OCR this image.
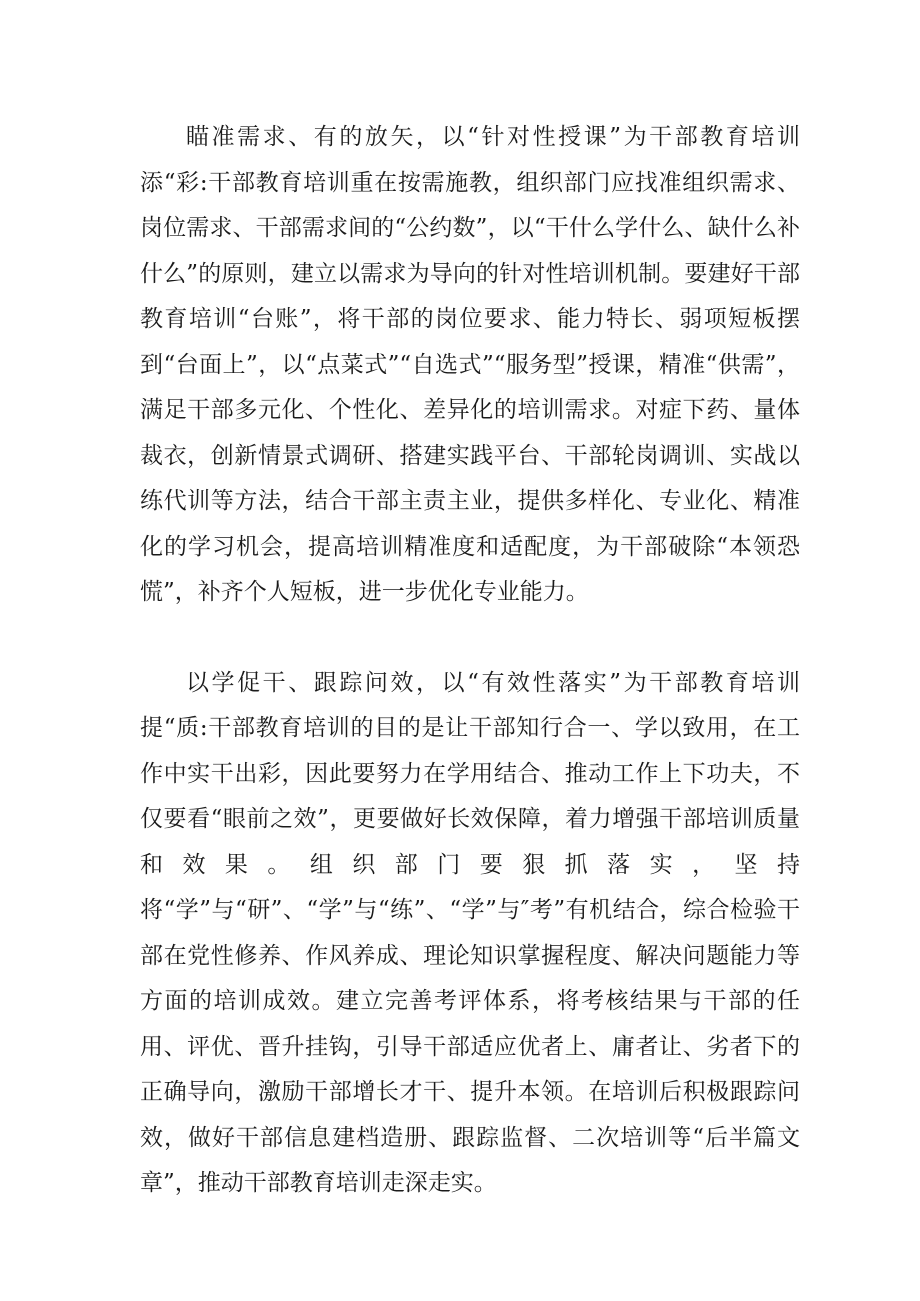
瞄准需求、有的放矢，以“针对性授课”为干部教育培训添“彩:干部教育培训重在按需施教，组织部门应找准组织需求、岗位需求、干部需求间的“公约数”，以“干什么学什么、缺什么补什么”的原则，建立以需求为导向的针对性培训机制。要建好干部教育培训“台账”，将干部的岗位要求、能力特长、弱项短板摆到“台面上”，以“点菜式”“自选式”“服务型”授课，精准“供需”，满足干部多元化、个性化、差异化的培训需求。对症下药、量体裁衣，创新情景式调研、搭建实践平台、干部轮岗调训、实战以练代训等方法，结合干部主责主业，提供多样化、专业化、精准化的学习机会，提高培训精准度和适配度，为干部破除“本领恐慌”，补齐个人短板，进一步优化专业能力。

以学促干、跟踪问效，以“有效性落实”为干部教育培训提“质:干部教育培训的目的是让干部知行合一、学以致用，在工作中实干出彩，因此要努力在学用结合、推动工作上下功夫，不仅要看“眼前之效”，更要做好长效保障，着力增强干部培训质量和效果。组织部门要狠抓落实，坚持将“学”与“研”、“学”与“练”、“学”与″考”有机结合，综合检验干部在党性修养、作风养成、理论知识掌握程度、解决问题能力等方面的培训成效。建立完善考评体系，将考核结果与干部的任用、评优、晋升挂钩，引导干部适应优者上、庸者让、劣者下的正确导向，激励干部增长才干、提升本领。在培训后积极跟踪问效，做好干部信息建档造册、跟踪监督、二次培训等“后半篇文章”，推动干部教育培训走深走实。
